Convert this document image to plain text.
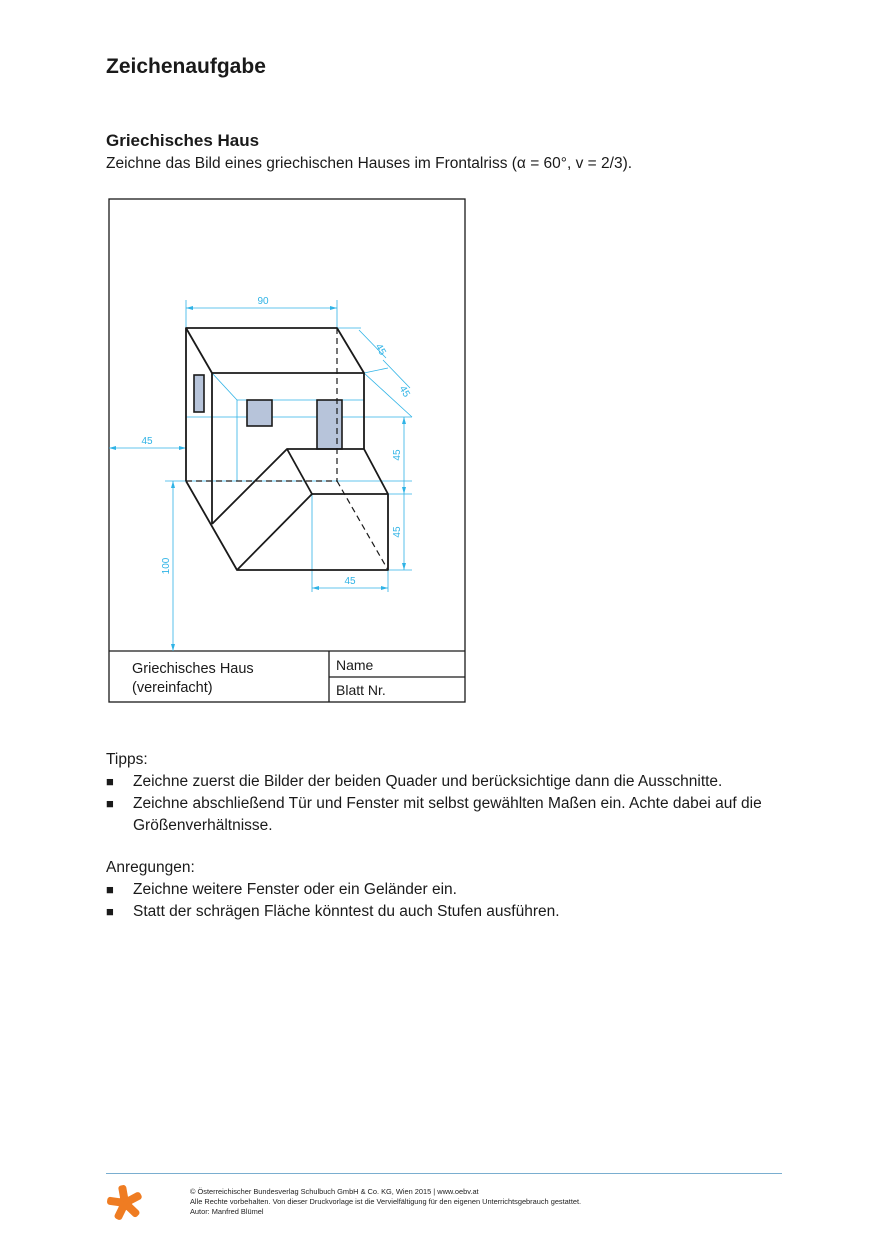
Zeichenaufgabe
Griechisches Haus
Zeichne das Bild eines griechischen Hauses im Frontalriss (α = 60°, v = 2/3).
Griechisches Haus
(vereinfacht)
Name
Blatt Nr.
90
45
45
45
45
45
45
100
Tipps:
■ Zeichne zuerst die Bilder der beiden Quader und berücksichtige dann die Ausschnitte.
■ Zeichne abschließend Tür und Fenster mit selbst gewählten Maßen ein. Achte dabei auf die Größenverhältnisse.
Anregungen:
■ Zeichne weitere Fenster oder ein Geländer ein.
■ Statt der schrägen Fläche könntest du auch Stufen ausführen.
© Österreichischer Bundesverlag Schulbuch GmbH & Co. KG, Wien 2015 | www.oebv.at
Alle Rechte vorbehalten. Von dieser Druckvorlage ist die Vervielfältigung für den eigenen Unterrichtsgebrauch gestattet.
Autor: Manfred Blümel
